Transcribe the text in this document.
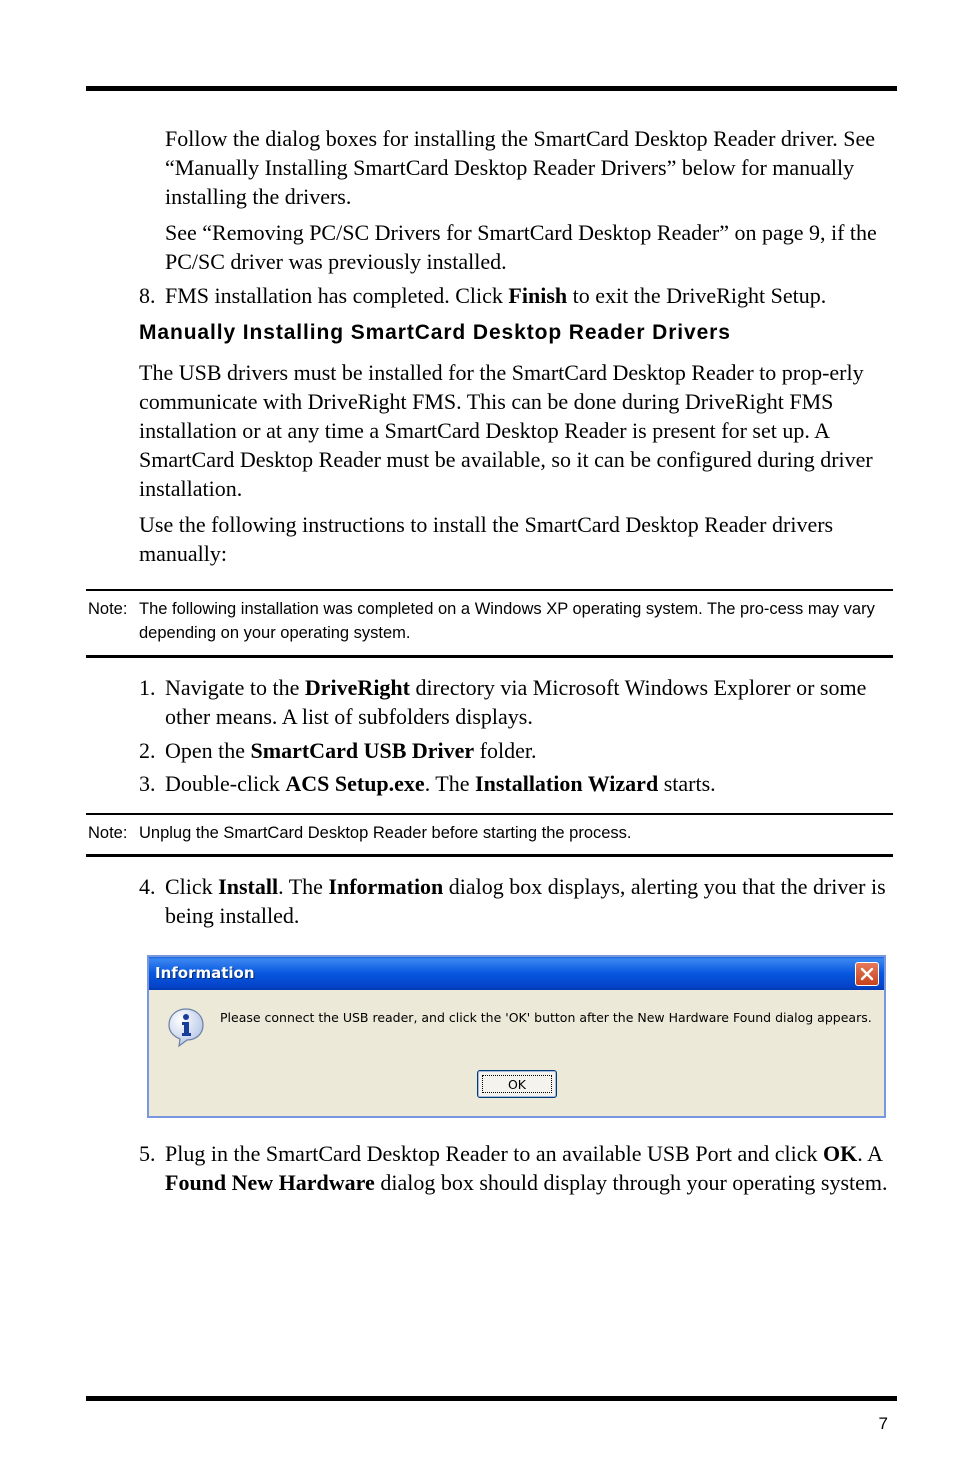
Follow the dialog boxes for installing the SmartCard Desktop Reader driver. See “Manually Installing SmartCard Desktop Reader Drivers” below for manually installing the drivers.
See “Removing PC/SC Drivers for SmartCard Desktop Reader” on page 9, if the PC/SC driver was previously installed.
8. FMS installation has completed. Click Finish to exit the DriveRight Setup.
Manually Installing SmartCard Desktop Reader Drivers
The USB drivers must be installed for the SmartCard Desktop Reader to prop-erly communicate with DriveRight FMS. This can be done during DriveRight FMS installation or at any time a SmartCard Desktop Reader is present for set up. A SmartCard Desktop Reader must be available, so it can be configured during driver installation.
Use the following instructions to install the SmartCard Desktop Reader drivers manually:
Note: The following installation was completed on a Windows XP operating system. The pro-cess may vary depending on your operating system.
1. Navigate to the DriveRight directory via Microsoft Windows Explorer or some other means. A list of subfolders displays.
2. Open the SmartCard USB Driver folder.
3. Double-click ACS Setup.exe. The Installation Wizard starts.
Note: Unplug the SmartCard Desktop Reader before starting the process.
4. Click Install. The Information dialog box displays, alerting you that the driver is being installed.
Information
Please connect the USB reader, and click the 'OK' button after the New Hardware Found dialog appears.
OK
5. Plug in the SmartCard Desktop Reader to an available USB Port and click OK. A Found New Hardware dialog box should display through your operating system.
7
